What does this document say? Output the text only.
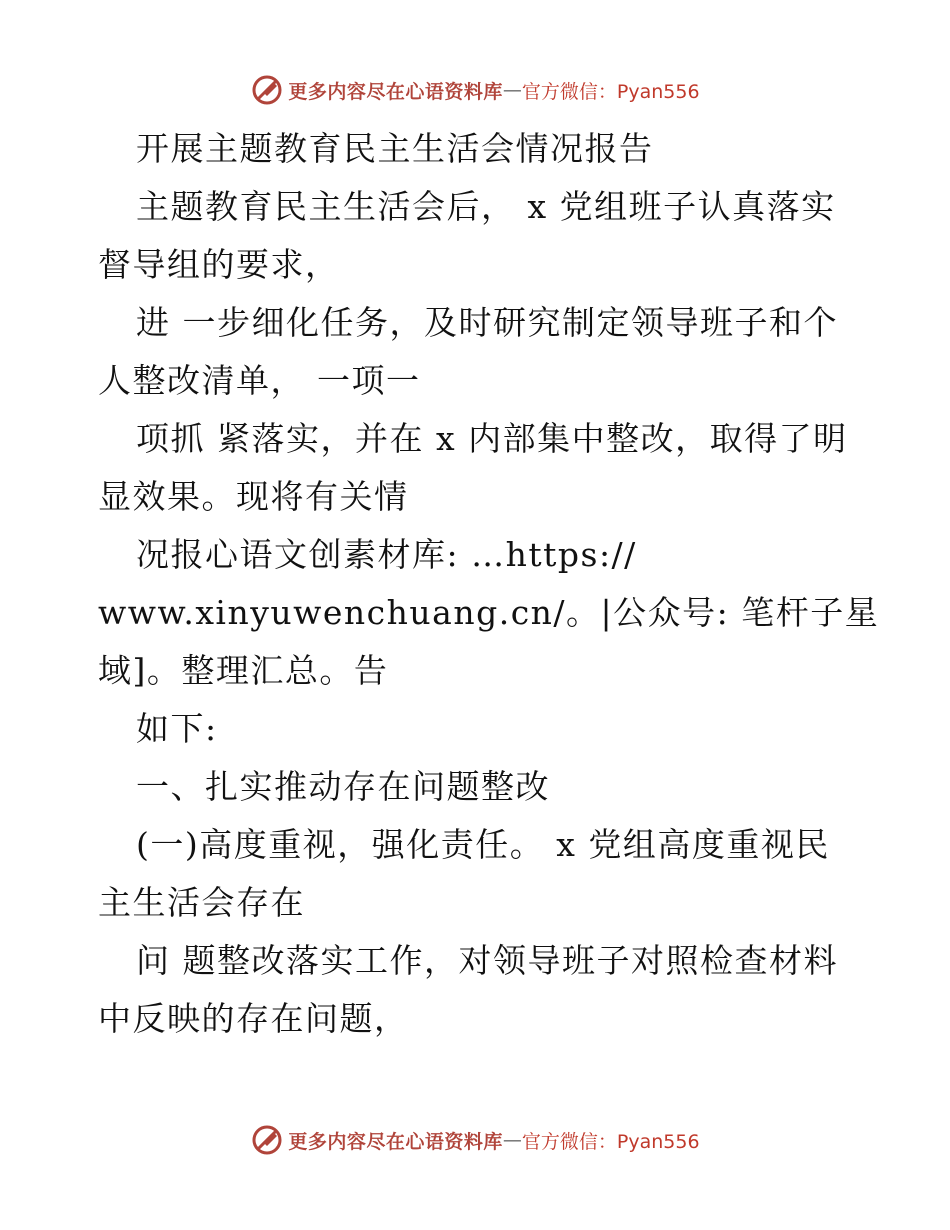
更多内容尽在心语资料库 — 官方微信：Pyan556
开展主题教育民主生活会情况报告
主题教育民主生活会后， x 党组班子认真落实
督导组的要求，
进 一步细化任务，及时研究制定领导班子和个
人整改清单， 一项一
项抓 紧落实，并在 x 内部集中整改，取得了明
显效果。现将有关情
况报心语文创素材库: …https://
www.xinyuwenchuang.cn/。|公众号: 笔杆子星
域]。整理汇总。告
如下:
一、扎实推动存在问题整改
(一)高度重视，强化责任。 x 党组高度重视民
主生活会存在
问 题整改落实工作，对领导班子对照检查材料
中反映的存在问题，
更多内容尽在心语资料库 — 官方微信：Pyan556
